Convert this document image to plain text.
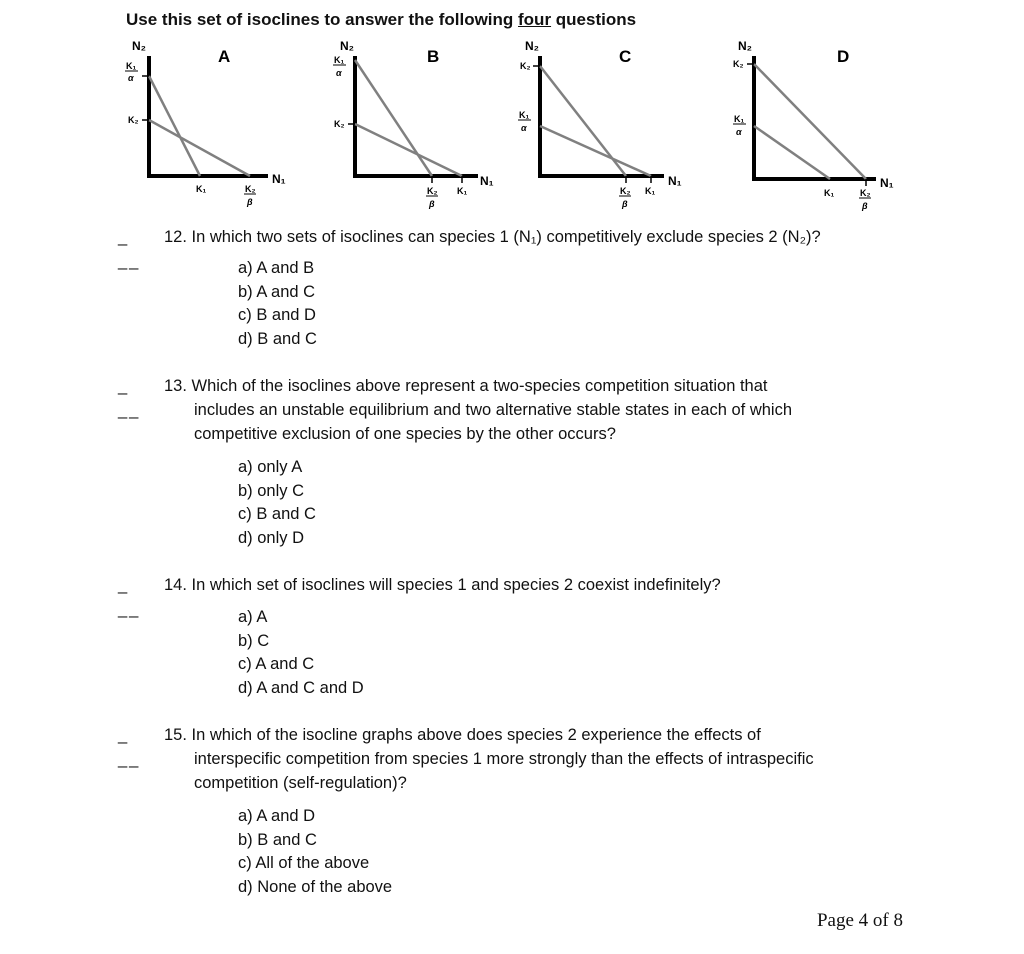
Use this set of isoclines to answer the following four questions
N₂
A
K₁
α
K₂
N₁
K₁	K₂
β
N₂
B
K₁
α
K₂
N₁
K₂
β
K₁
N₂
C
K₂
K₁
α
N₁
K₂
β
K₁
N₂
D
K₂
K₁
α
N₁
K₁	K₂
β
_ __
12. In which two sets of isoclines can species 1 (N₁) competitively exclude species 2 (N₂)?
a) A and B
b) A and C
c) B and D
d) B and C
_ __
13. Which of the isoclines above represent a two-species competition situation that
includes an unstable equilibrium and two alternative stable states in each of which
competitive exclusion of one species by the other occurs?
a) only A
b) only C
c) B and C
d) only D
_ __
14. In which set of isoclines will species 1 and species 2 coexist indefinitely?
a) A
b) C
c) A and C
d) A and C and D
_ __
15. In which of the isocline graphs above does species 2 experience the effects of
interspecific competition from species 1 more strongly than the effects of intraspecific
competition (self-regulation)?
a) A and D
b) B and C
c) All of the above
d) None of the above
Page 4 of 8
